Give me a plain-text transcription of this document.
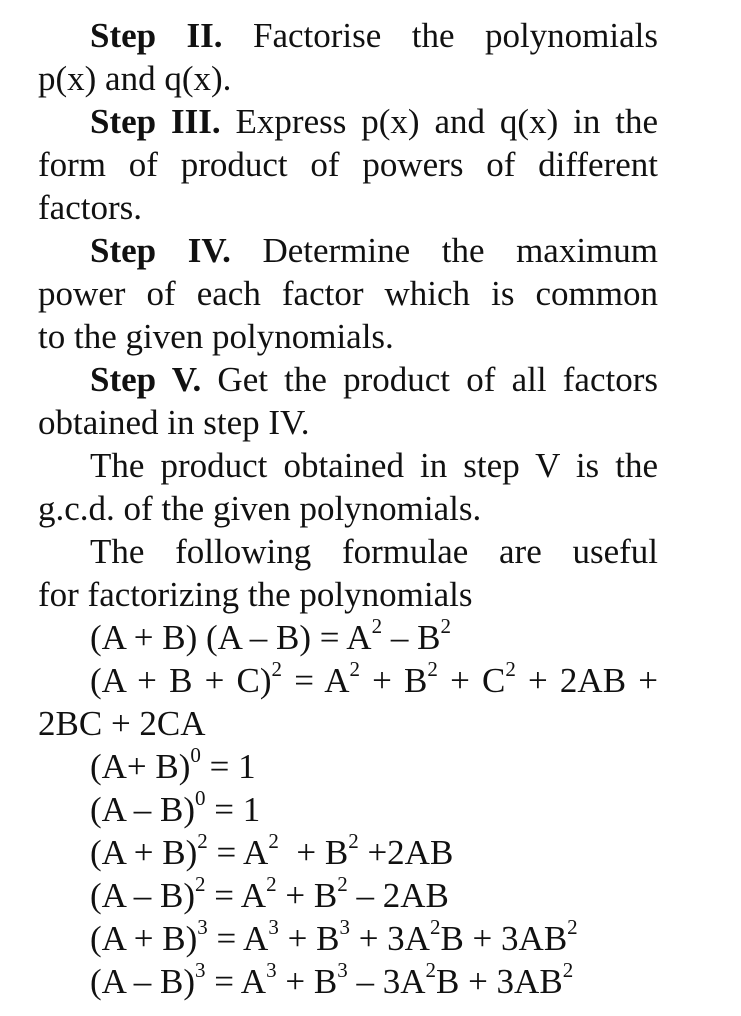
Step II. Factorise the polynomials
p(x) and q(x).
Step III. Express p(x) and q(x) in the
form of product of powers of different
factors.
Step IV. Determine the maximum
power of each factor which is common
to the given polynomials.
Step V. Get the product of all factors
obtained in step IV.
The product obtained in step V is the
g.c.d. of the given polynomials.
The following formulae are useful
for factorizing the polynomials
(A + B) $(A - B) = A^2 - B^2$
$(A + B + C)^2 = A^2 + B^2 + C^2 + 2AB$ +
2BC + 2CA
$(A+ B)^0 = 1$
(A – B)$^0$ = 1
$(A + B)^2 = A^2 + B^2 +2AB$
$(A - B)^2 = A^2 + B^2 - 2AB$
$(A + B)^3 = A^3 + B^3 + 3A^2B + 3AB^2$
$(A - B)^3 = A^3 + B^3 - 3A^2B + 3AB^2$
